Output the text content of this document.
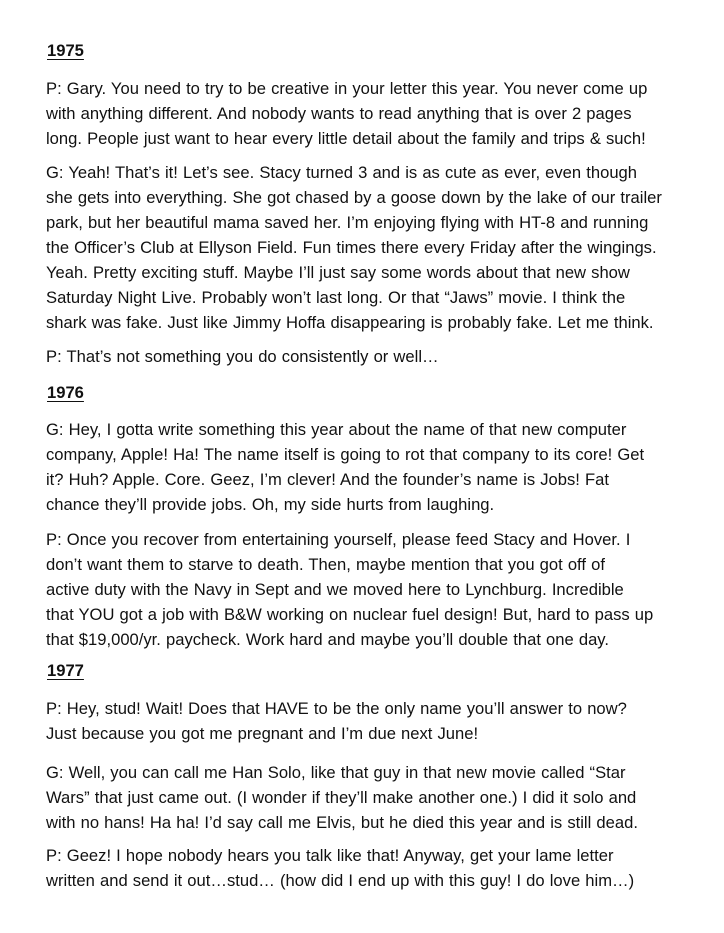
1975
P: Gary. You need to try to be creative in your letter this year. You never come up
with anything different. And nobody wants to read anything that is over 2 pages
long. People just want to hear every little detail about the family and trips & such!
G: Yeah! That’s it! Let’s see. Stacy turned 3 and is as cute as ever, even though
she gets into everything. She got chased by a goose down by the lake of our trailer
park, but her beautiful mama saved her. I’m enjoying flying with HT-8 and running
the Officer’s Club at Ellyson Field. Fun times there every Friday after the wingings.
Yeah. Pretty exciting stuff. Maybe I’ll just say some words about that new show
Saturday Night Live. Probably won’t last long. Or that “Jaws” movie. I think the
shark was fake. Just like Jimmy Hoffa disappearing is probably fake. Let me think.
P: That’s not something you do consistently or well…
1976
G: Hey, I gotta write something this year about the name of that new computer
company, Apple! Ha! The name itself is going to rot that company to its core! Get
it? Huh? Apple. Core. Geez, I’m clever! And the founder’s name is Jobs! Fat
chance they’ll provide jobs. Oh, my side hurts from laughing.
P: Once you recover from entertaining yourself, please feed Stacy and Hover. I
don’t want them to starve to death. Then, maybe mention that you got off of
active duty with the Navy in Sept and we moved here to Lynchburg. Incredible
that YOU got a job with B&W working on nuclear fuel design! But, hard to pass up
that $19,000/yr. paycheck. Work hard and maybe you’ll double that one day.
1977
P: Hey, stud! Wait! Does that HAVE to be the only name you’ll answer to now?
Just because you got me pregnant and I’m due next June!
G: Well, you can call me Han Solo, like that guy in that new movie called “Star
Wars” that just came out. (I wonder if they’ll make another one.) I did it solo and
with no hans! Ha ha! I’d say call me Elvis, but he died this year and is still dead.
P: Geez! I hope nobody hears you talk like that! Anyway, get your lame letter
written and send it out…stud… (how did I end up with this guy! I do love him…)
